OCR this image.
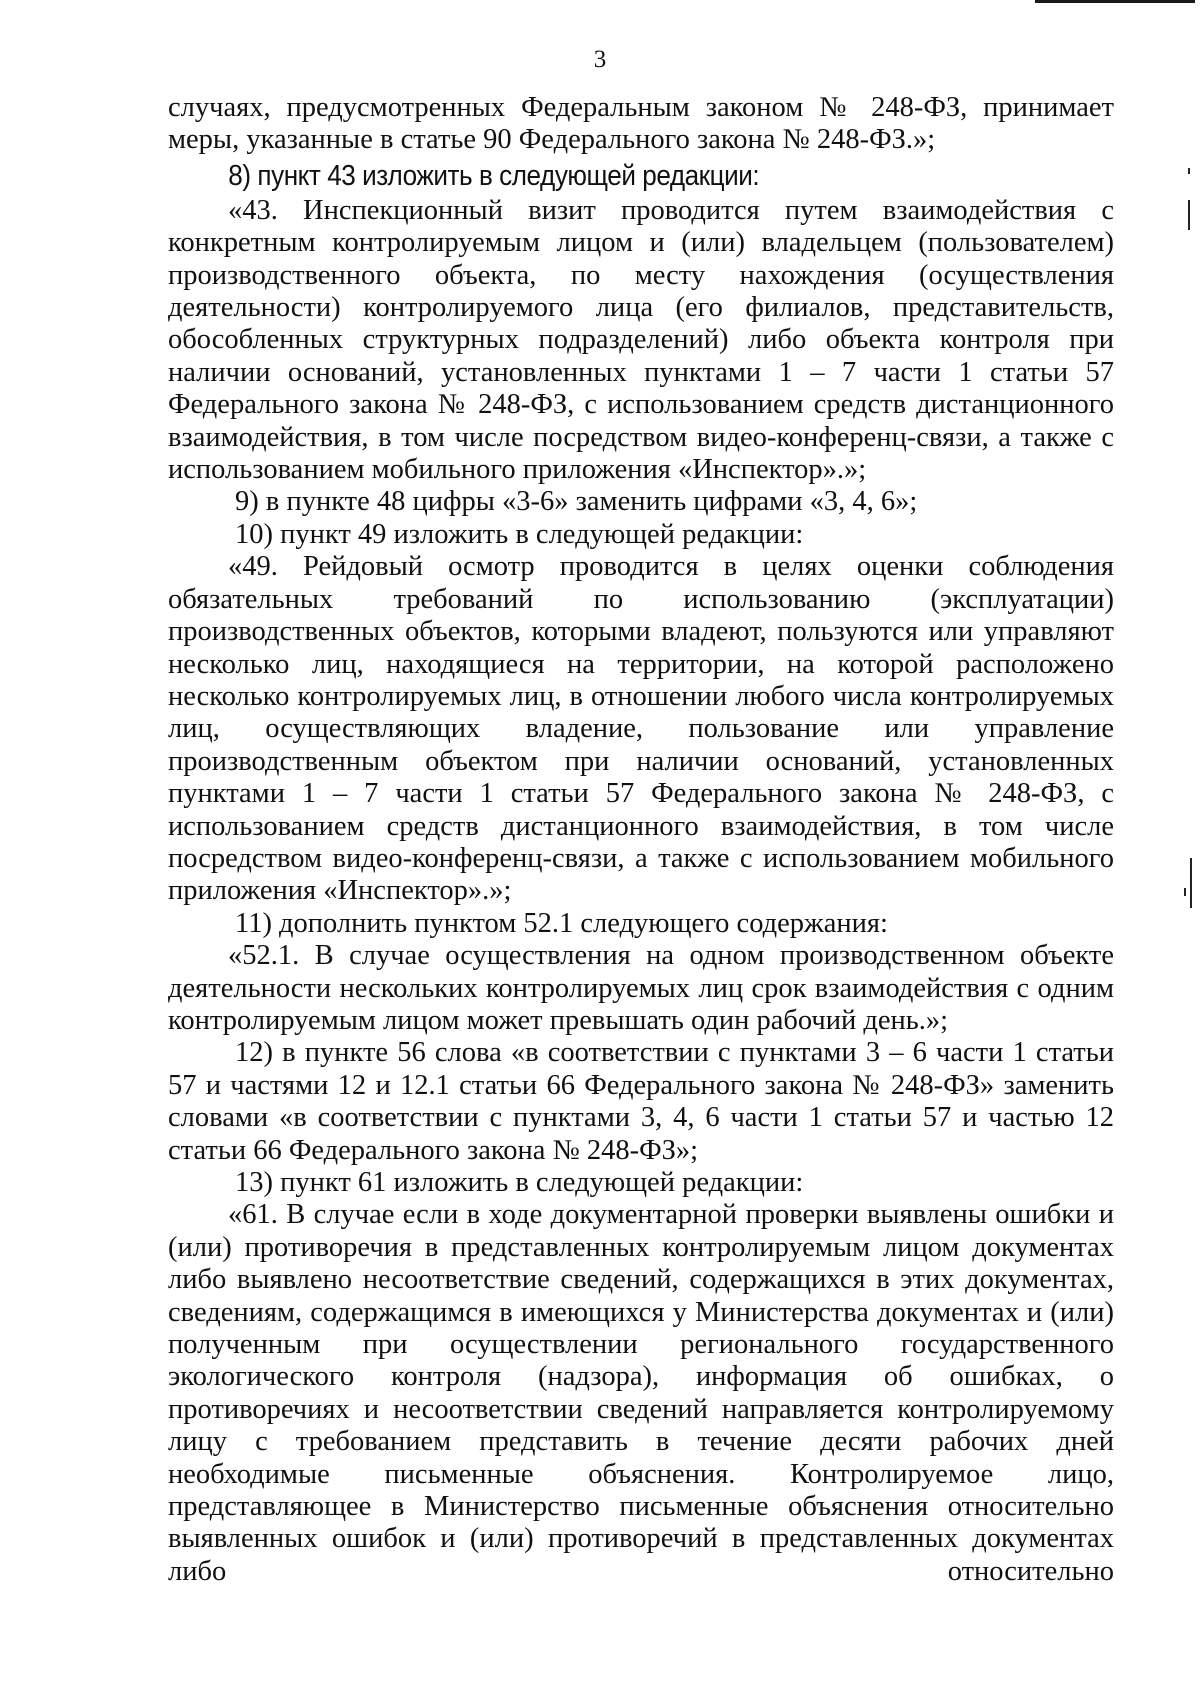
3

случаях, предусмотренных Федеральным законом № 248-ФЗ, принимает меры, указанные в статье 90 Федерального закона № 248-ФЗ.»;

8) пункт 43 изложить в следующей редакции:

«43. Инспекционный визит проводится путем взаимодействия с конкретным контролируемым лицом и (или) владельцем (пользователем) производственного объекта, по месту нахождения (осуществления деятельности) контролируемого лица (его филиалов, представительств, обособленных структурных подразделений) либо объекта контроля при наличии оснований, установленных пунктами 1 – 7 части 1 статьи 57 Федерального закона № 248-ФЗ, с использованием средств дистанционного взаимодействия, в том числе посредством видео-конференц-связи, а также с использованием мобильного приложения «Инспектор».»;

9) в пункте 48 цифры «3-6» заменить цифрами «3, 4, 6»;

10) пункт 49 изложить в следующей редакции:

«49. Рейдовый осмотр проводится в целях оценки соблюдения обязательных требований по использованию (эксплуатации) производственных объектов, которыми владеют, пользуются или управляют несколько лиц, находящиеся на территории, на которой расположено несколько контролируемых лиц, в отношении любого числа контролируемых лиц, осуществляющих владение, пользование или управление производственным объектом при наличии оснований, установленных пунктами 1 – 7 части 1 статьи 57 Федерального закона № 248-ФЗ, с использованием средств дистанционного взаимодействия, в том числе посредством видео-конференц-связи, а также с использованием мобильного приложения «Инспектор».»;

11) дополнить пунктом 52.1 следующего содержания:

«52.1. В случае осуществления на одном производственном объекте деятельности нескольких контролируемых лиц срок взаимодействия с одним контролируемым лицом может превышать один рабочий день.»;

12) в пункте 56 слова «в соответствии с пунктами 3 – 6 части 1 статьи 57 и частями 12 и 12.1 статьи 66 Федерального закона № 248-ФЗ» заменить словами «в соответствии с пунктами 3, 4, 6 части 1 статьи 57 и частью 12 статьи 66 Федерального закона № 248-ФЗ»;

13) пункт 61 изложить в следующей редакции:

«61. В случае если в ходе документарной проверки выявлены ошибки и (или) противоречия в представленных контролируемым лицом документах либо выявлено несоответствие сведений, содержащихся в этих документах, сведениям, содержащимся в имеющихся у Министерства документах и (или) полученным при осуществлении регионального государственного экологического контроля (надзора), информация об ошибках, о противоречиях и несоответствии сведений направляется контролируемому лицу с требованием представить в течение десяти рабочих дней необходимые письменные объяснения. Контролируемое лицо, представляющее в Министерство письменные объяснения относительно выявленных ошибок и (или) противоречий в представленных документах либо относительно
